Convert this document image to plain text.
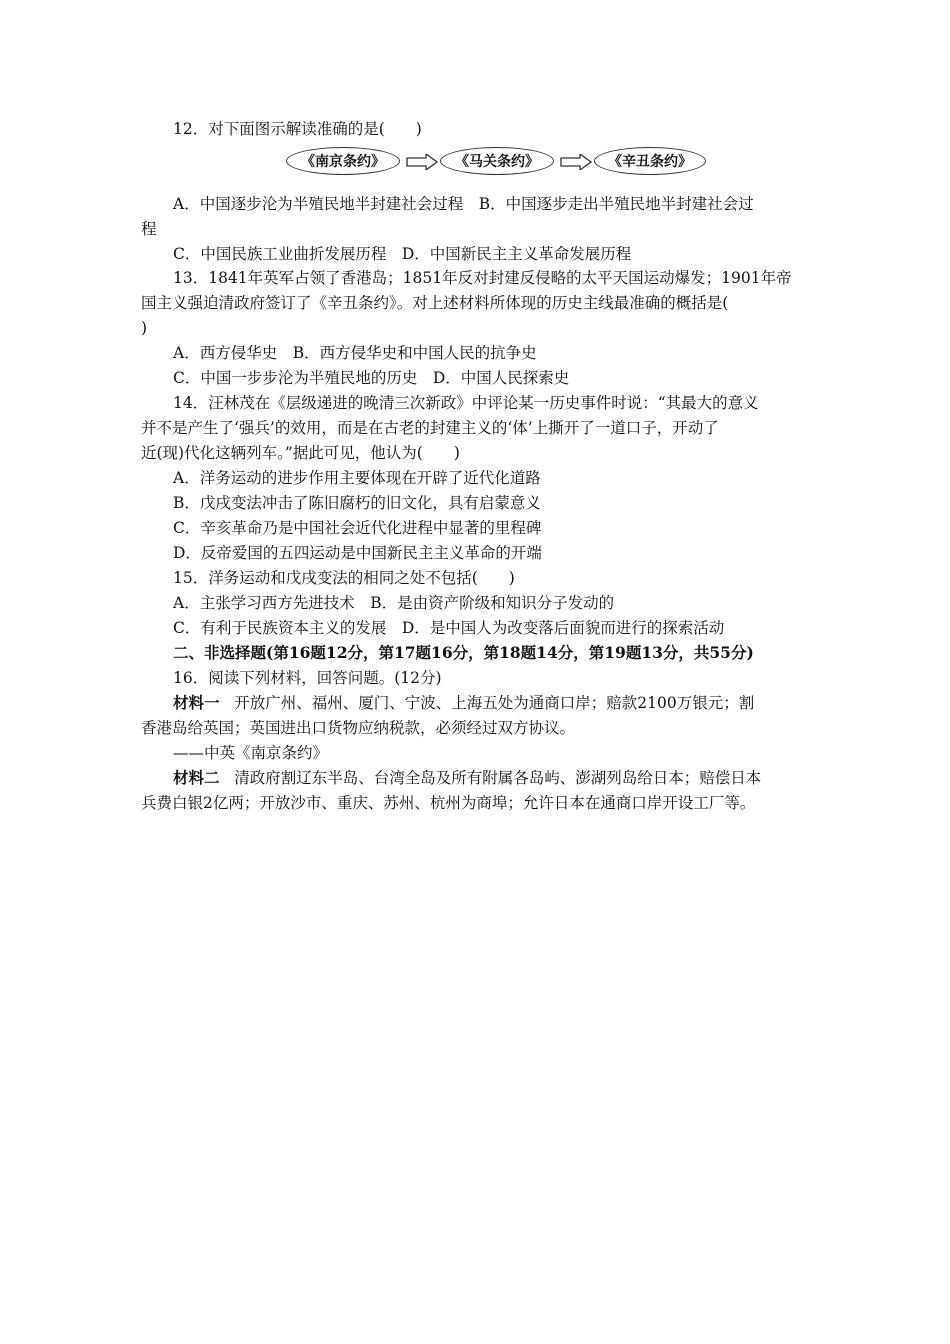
12．对下面图示解读准确的是(　　)
《南京条约》	《马关条约》	《辛丑条约》
A．中国逐步沦为半殖民地半封建社会过程　B．中国逐步走出半殖民地半封建社会过
程
C．中国民族工业曲折发展历程　D．中国新民主主义革命发展历程
13．1841年英军占领了香港岛；1851年反对封建反侵略的太平天国运动爆发；1901年帝
国主义强迫清政府签订了《辛丑条约》。对上述材料所体现的历史主线最准确的概括是(
)
A．西方侵华史　B．西方侵华史和中国人民的抗争史
C．中国一步步沦为半殖民地的历史　D．中国人民探索史
14．汪林茂在《层级递进的晚清三次新政》中评论某一历史事件时说：“其最大的意义
并不是产生了‘强兵’的效用，而是在古老的封建主义的‘体’上撕开了一道口子，开动了
近(现)代化这辆列车。”据此可见，他认为(　　)
A．洋务运动的进步作用主要体现在开辟了近代化道路
B．戊戌变法冲击了陈旧腐朽的旧文化，具有启蒙意义
C．辛亥革命乃是中国社会近代化进程中显著的里程碑
D．反帝爱国的五四运动是中国新民主主义革命的开端
15．洋务运动和戊戌变法的相同之处不包括(　　)
A．主张学习西方先进技术　B．是由资产阶级和知识分子发动的
C．有利于民族资本主义的发展　D．是中国人为改变落后面貌而进行的探索活动
二、非选择题(第16题12分，第17题16分，第18题14分，第19题13分，共55分)
16．阅读下列材料，回答问题。(12分)
材料一 开放广州、福州、厦门、宁波、上海五处为通商口岸；赔款2100万银元；割
香港岛给英国；英国进出口货物应纳税款，必须经过双方协议。
——中英《南京条约》
材料二 清政府割辽东半岛、台湾全岛及所有附属各岛屿、澎湖列岛给日本；赔偿日本
兵费白银2亿两；开放沙市、重庆、苏州、杭州为商埠；允许日本在通商口岸开设工厂等。
